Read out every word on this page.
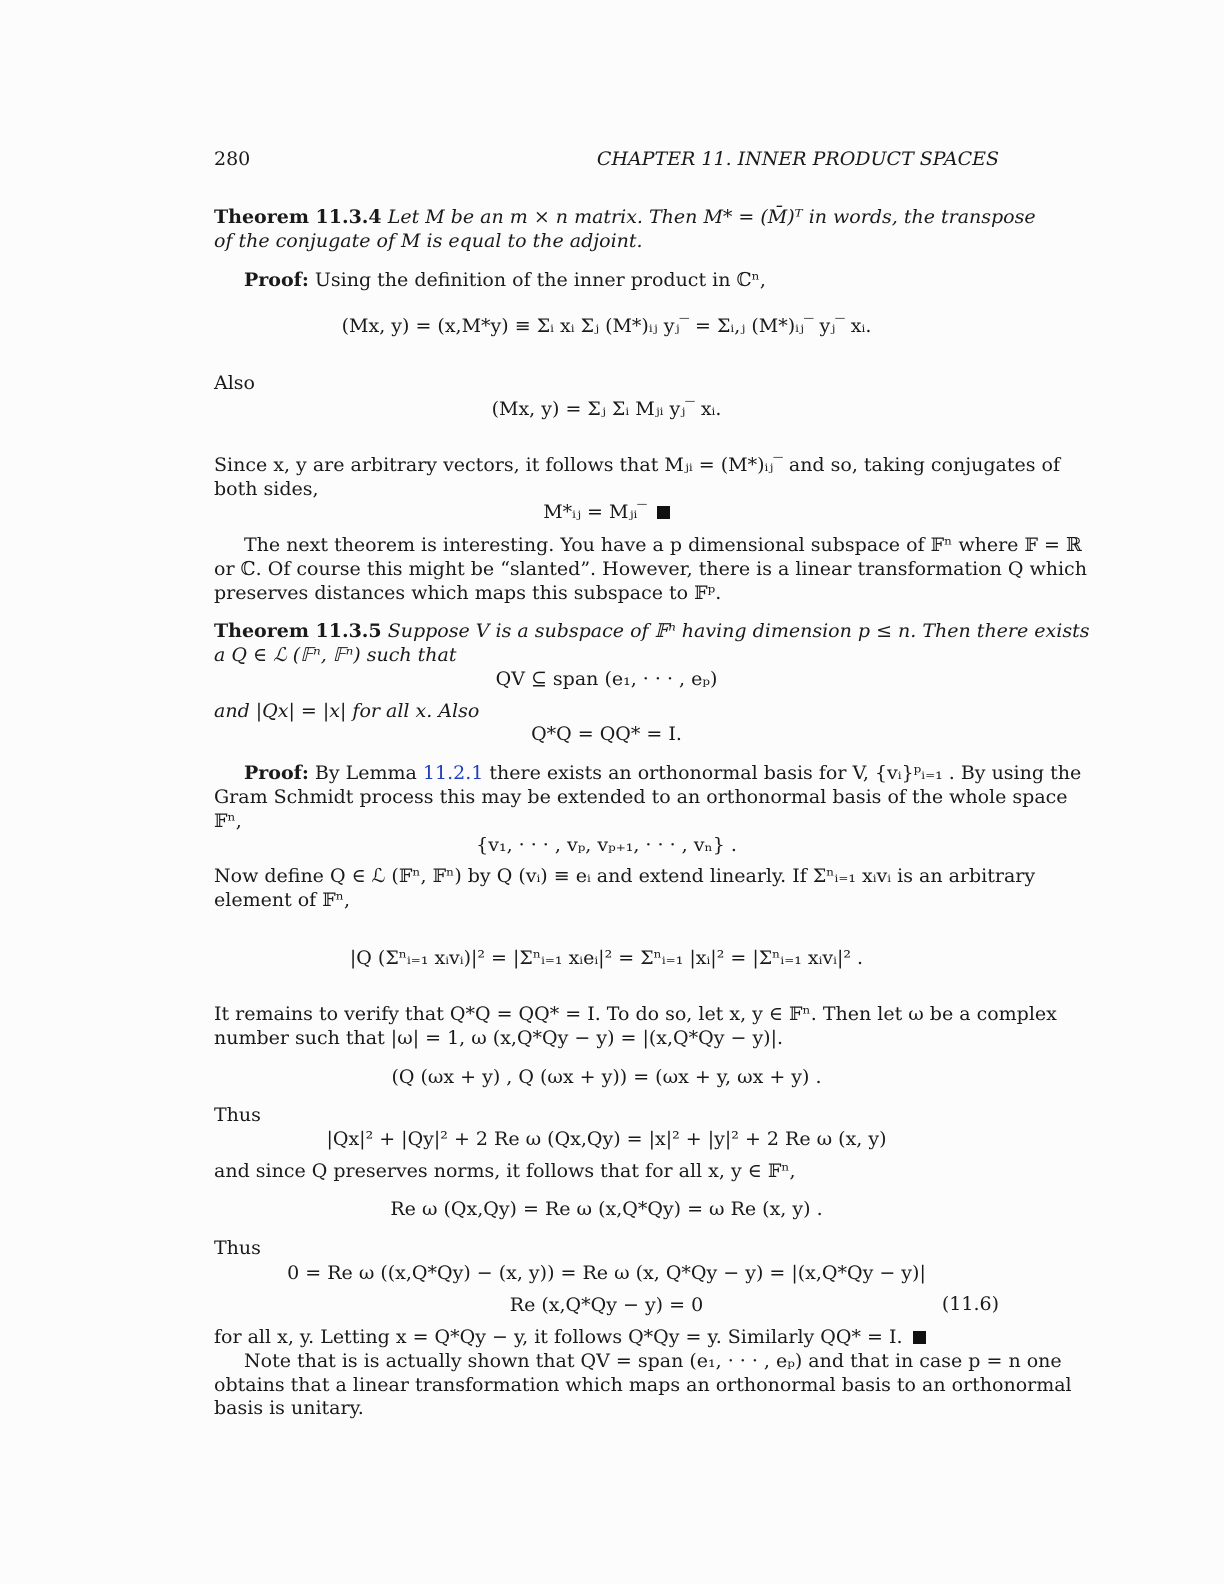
280	CHAPTER 11. INNER PRODUCT SPACES
Theorem 11.3.4 Let M be an m × n matrix. Then M* = (M̄)ᵀ in words, the transpose
of the conjugate of M is equal to the adjoint.
Proof: Using the definition of the inner product in ℂⁿ,
(Mx, y) = (x,M*y) ≡ Σᵢ xᵢ Σⱼ (M*)ᵢⱼ yⱼ‾ = Σᵢ,ⱼ (M*)ᵢⱼ‾ yⱼ‾ xᵢ.
Also
(Mx, y) = Σⱼ Σᵢ Mⱼᵢ yⱼ‾ xᵢ.
Since x, y are arbitrary vectors, it follows that Mⱼᵢ = (M*)ᵢⱼ‾ and so, taking conjugates of
both sides,
M*ᵢⱼ = Mⱼᵢ‾
The next theorem is interesting. You have a p dimensional subspace of 𝔽ⁿ where 𝔽 = ℝ
or ℂ. Of course this might be “slanted”. However, there is a linear transformation Q which
preserves distances which maps this subspace to 𝔽ᵖ.
Theorem 11.3.5 Suppose V is a subspace of 𝔽ⁿ having dimension p ≤ n. Then there exists
a Q ∈ ℒ (𝔽ⁿ, 𝔽ⁿ) such that
QV ⊆ span (e₁, · · · , eₚ)
and |Qx| = |x| for all x. Also
Q*Q = QQ* = I.
Proof: By Lemma 11.2.1 there exists an orthonormal basis for V, {vᵢ}ᵖᵢ₌₁ . By using the
Gram Schmidt process this may be extended to an orthonormal basis of the whole space
𝔽ⁿ,
{v₁, · · · , vₚ, vₚ₊₁, · · · , vₙ} .
Now define Q ∈ ℒ (𝔽ⁿ, 𝔽ⁿ) by Q (vᵢ) ≡ eᵢ and extend linearly. If Σⁿᵢ₌₁ xᵢvᵢ is an arbitrary
element of 𝔽ⁿ,
|Q (Σⁿᵢ₌₁ xᵢvᵢ)|² = |Σⁿᵢ₌₁ xᵢeᵢ|² = Σⁿᵢ₌₁ |xᵢ|² = |Σⁿᵢ₌₁ xᵢvᵢ|² .
It remains to verify that Q*Q = QQ* = I. To do so, let x, y ∈ 𝔽ⁿ. Then let ω be a complex
number such that |ω| = 1, ω (x,Q*Qy − y) = |(x,Q*Qy − y)|.
(Q (ωx + y) , Q (ωx + y)) = (ωx + y, ωx + y) .
Thus
|Qx|² + |Qy|² + 2 Re ω (Qx,Qy) = |x|² + |y|² + 2 Re ω (x, y)
and since Q preserves norms, it follows that for all x, y ∈ 𝔽ⁿ,
Re ω (Qx,Qy) = Re ω (x,Q*Qy) = ω Re (x, y) .
Thus
0 = Re ω ((x,Q*Qy) − (x, y)) = Re ω (x, Q*Qy − y) = |(x,Q*Qy − y)|
Re (x,Q*Qy − y) = 0	(11.6)
for all x, y. Letting x = Q*Qy − y, it follows Q*Qy = y. Similarly QQ* = I.
Note that is is actually shown that QV = span (e₁, · · · , eₚ) and that in case p = n one
obtains that a linear transformation which maps an orthonormal basis to an orthonormal
basis is unitary.
